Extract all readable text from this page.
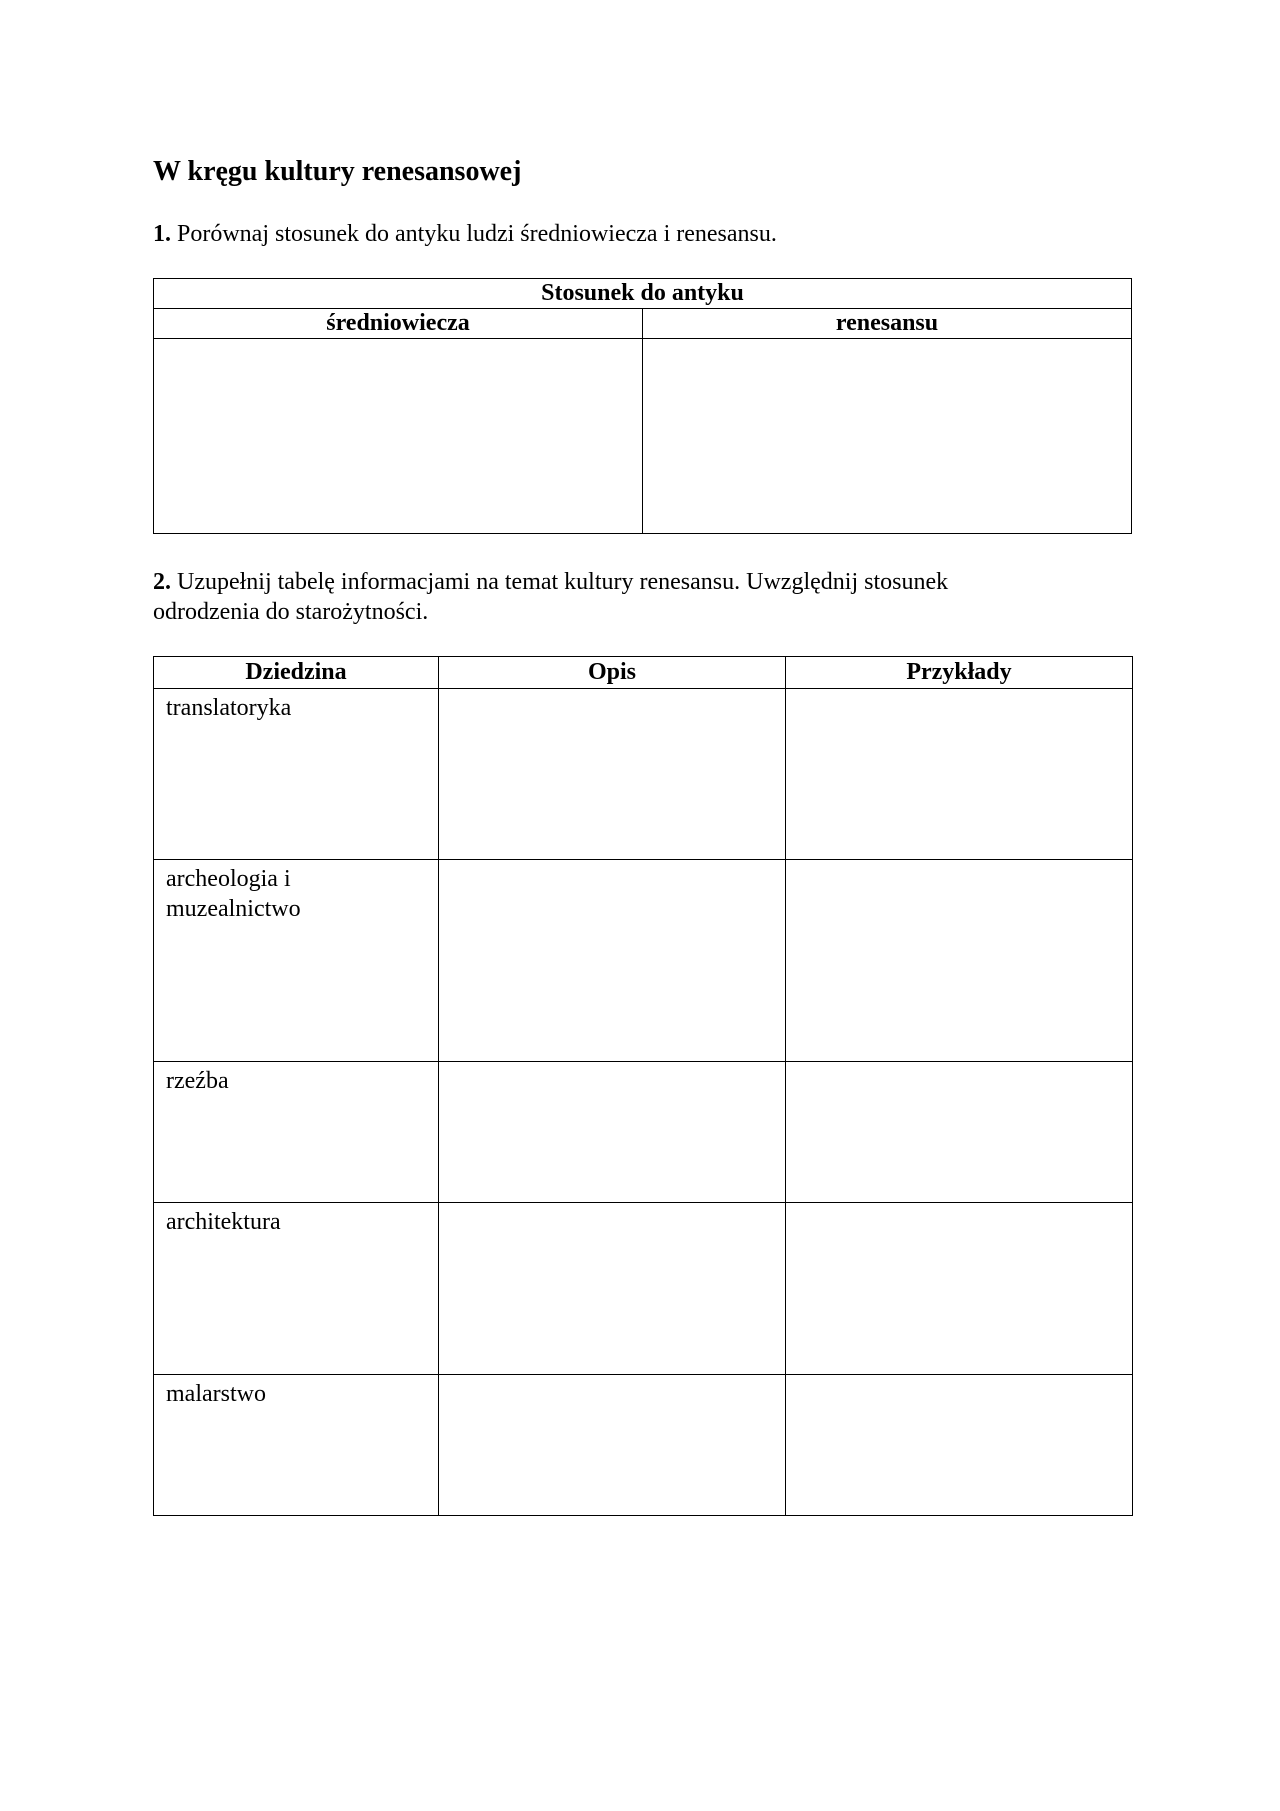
W kręgu kultury renesansowej
1. Porównaj stosunek do antyku ludzi średniowiecza i renesansu.
Stosunek do antyku	
średniowiecza	renesansu

2. Uzupełnij tabelę informacjami na temat kultury renesansu. Uwzględnij stosunek odrodzenia do starożytności.
Dziedzina	Opis	Przykłady
translatoryka		
archeologia i muzealnictwo		
rzeźba		
architektura		
malarstwo		
